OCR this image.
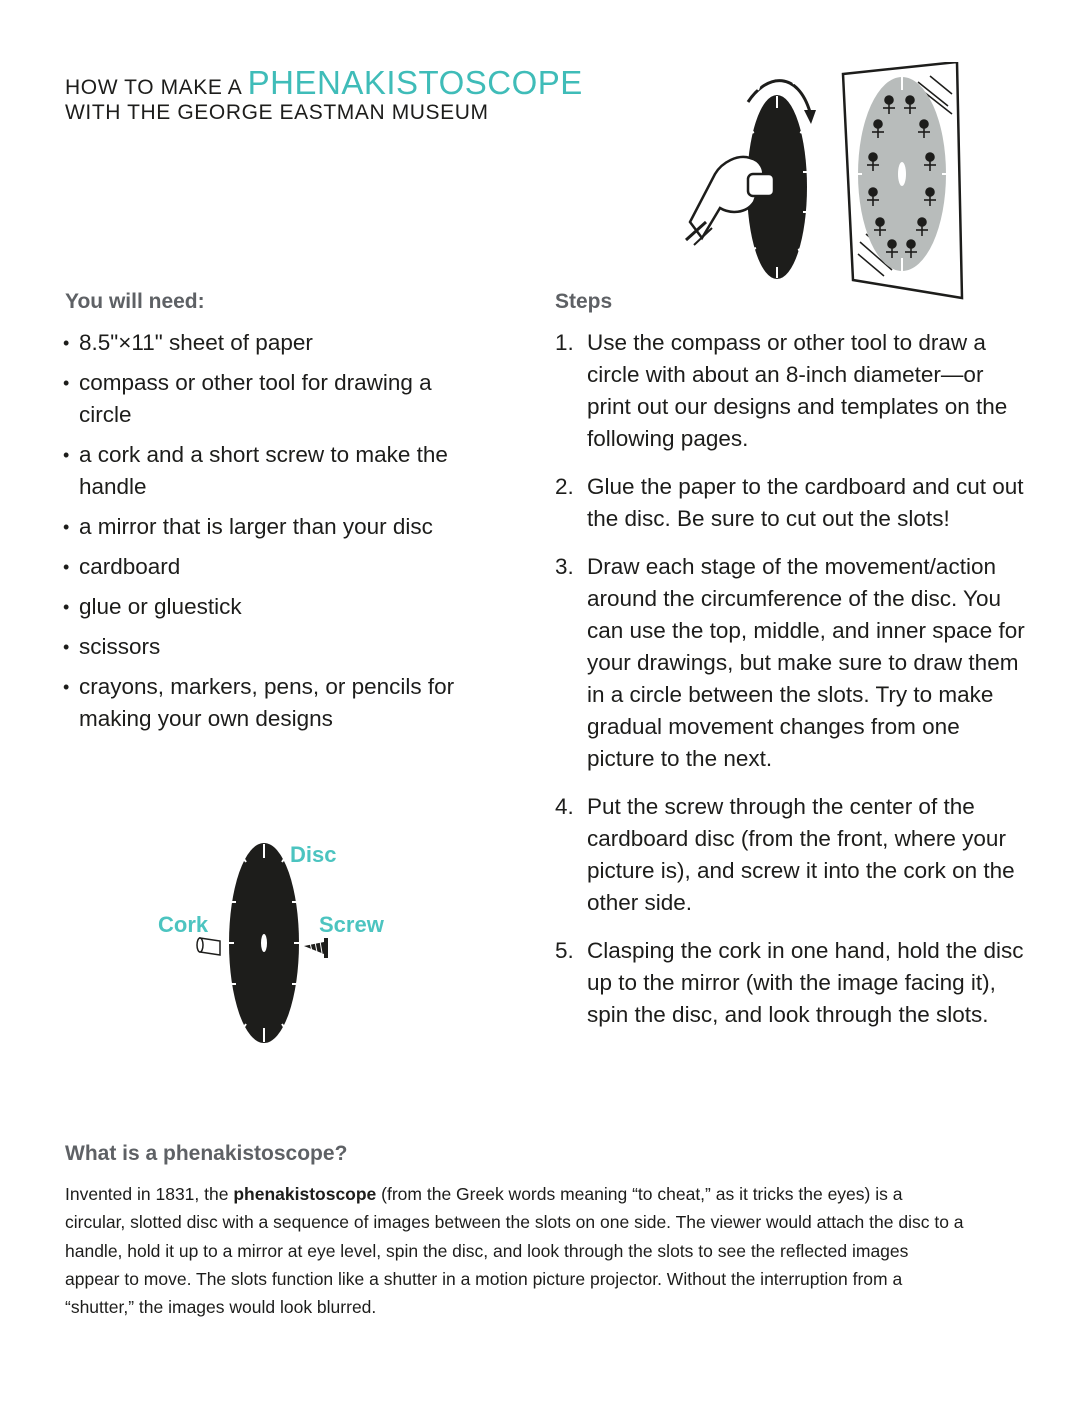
HOW TO MAKE A PHENAKISTOSCOPE
WITH THE GEORGE EASTMAN MUSEUM
You will need:
• 8.5"×11" sheet of paper
• compass or other tool for drawing a circle
• a cork and a short screw to make the handle
• a mirror that is larger than your disc
• cardboard
• glue or gluestick
• scissors
• crayons, markers, pens, or pencils for making your own designs
Steps
1. Use the compass or other tool to draw a circle with about an 8-inch diameter—or print out our designs and templates on the following pages.
2. Glue the paper to the cardboard and cut out the disc. Be sure to cut out the slots!
3. Draw each stage of the movement/action around the circumference of the disc. You can use the top, middle, and inner space for your drawings, but make sure to draw them in a circle between the slots. Try to make gradual movement changes from one picture to the next.
4. Put the screw through the center of the cardboard disc (from the front, where your picture is), and screw it into the cork on the other side.
5. Clasping the cork in one hand, hold the disc up to the mirror (with the image facing it), spin the disc, and look through the slots.
Disc
Cork	Screw
What is a phenakistoscope?
Invented in 1831, the phenakistoscope (from the Greek words meaning “to cheat,” as it tricks the eyes) is a circular, slotted disc with a sequence of images between the slots on one side. The viewer would attach the disc to a handle, hold it up to a mirror at eye level, spin the disc, and look through the slots to see the reflected images appear to move. The slots function like a shutter in a motion picture projector. Without the interruption from a “shutter,” the images would look blurred.
